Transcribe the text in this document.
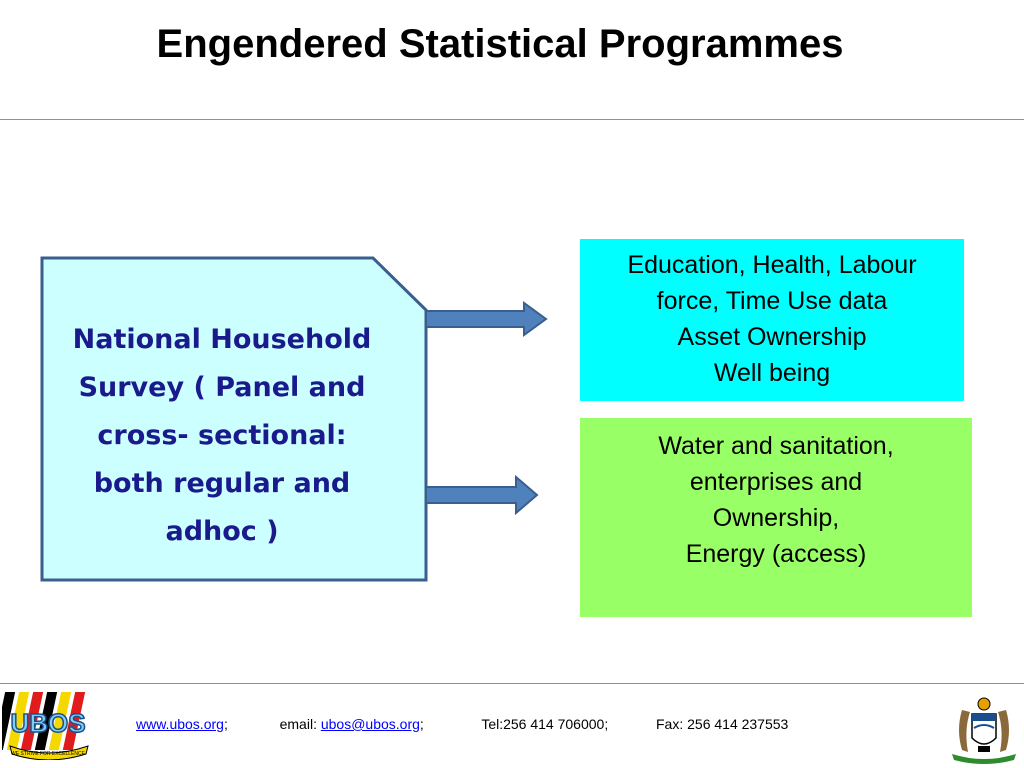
Engendered Statistical Programmes
National Household
Survey ( Panel and
cross- sectional:
both regular and
adhoc )
Education, Health, Labour
force, Time Use data
Asset Ownership
Well being
Water and sanitation,
enterprises and
Ownership,
Energy (access)
UBOS
WE STRIVE FOR EXCELLENCE
www.ubos.org;	email: ubos@ubos.org;	Tel:256 414 706000;	Fax: 256 414 237553
